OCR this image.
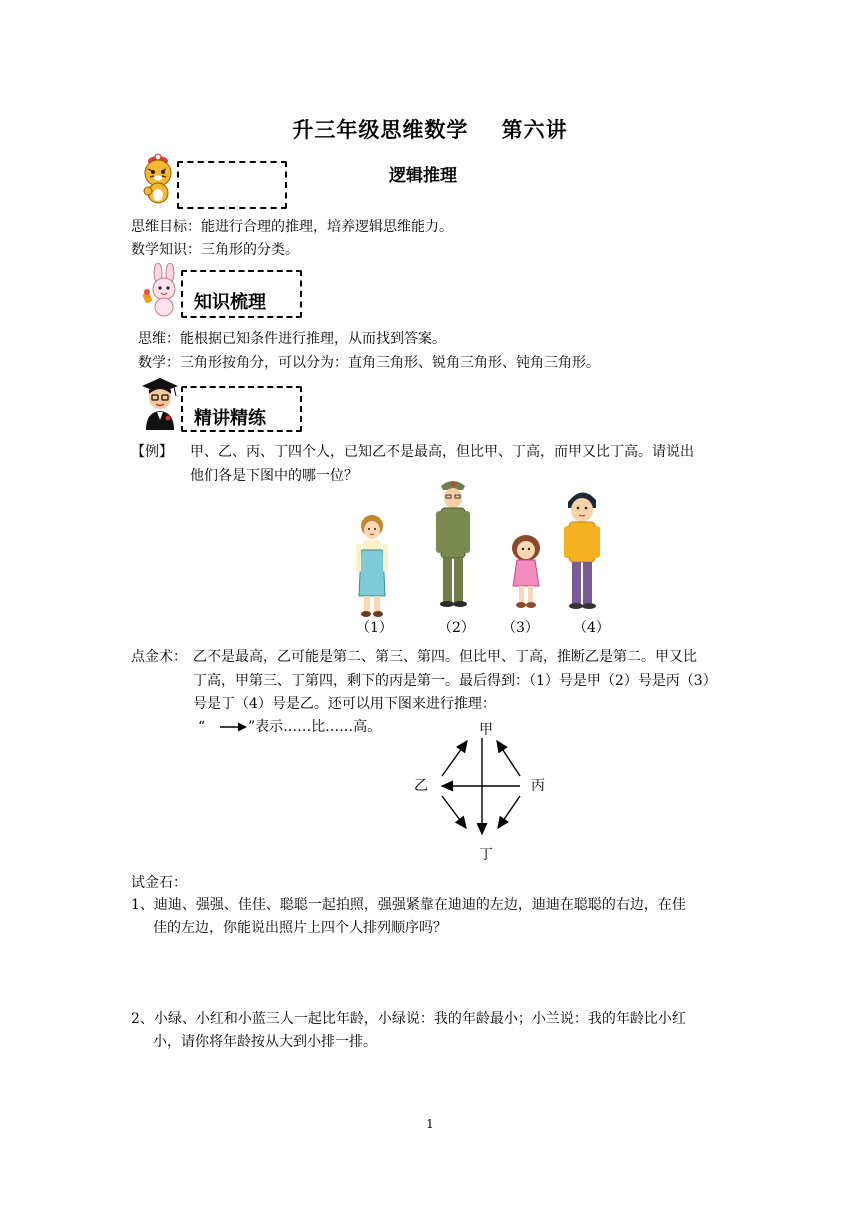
升三年级思维数学    第六讲
逻辑推理
思维目标：能进行合理的推理，培养逻辑思维能力。
数学知识：三角形的分类。
知识梳理
思维：能根据已知条件进行推理，从而找到答案。
数学：三角形按角分，可以分为：直角三角形、锐角三角形、钝角三角形。
精讲精练
【例】 甲、乙、丙、丁四个人，已知乙不是最高，但比甲、丁高，而甲又比丁高。请说出
他们各是下图中的哪一位？
（1）	（2） （3） （4）
点金术： 乙不是最高，乙可能是第二、第三、第四。但比甲、丁高，推断乙是第二。甲又比
丁高，甲第三、丁第四，剩下的丙是第一。最后得到：（1）号是甲（2）号是丙（3）
号是丁（4）号是乙。还可以用下图来进行推理：
“	”表示……比……高。	甲
乙	丙
丁
试金石：
1、迪迪、强强、佳佳、聪聪一起拍照，强强紧靠在迪迪的左边，迪迪在聪聪的右边，在佳
佳的左边，你能说出照片上四个人排列顺序吗？
2、小绿、小红和小蓝三人一起比年龄，小绿说：我的年龄最小；小兰说：我的年龄比小红
小，请你将年龄按从大到小排一排。
1
